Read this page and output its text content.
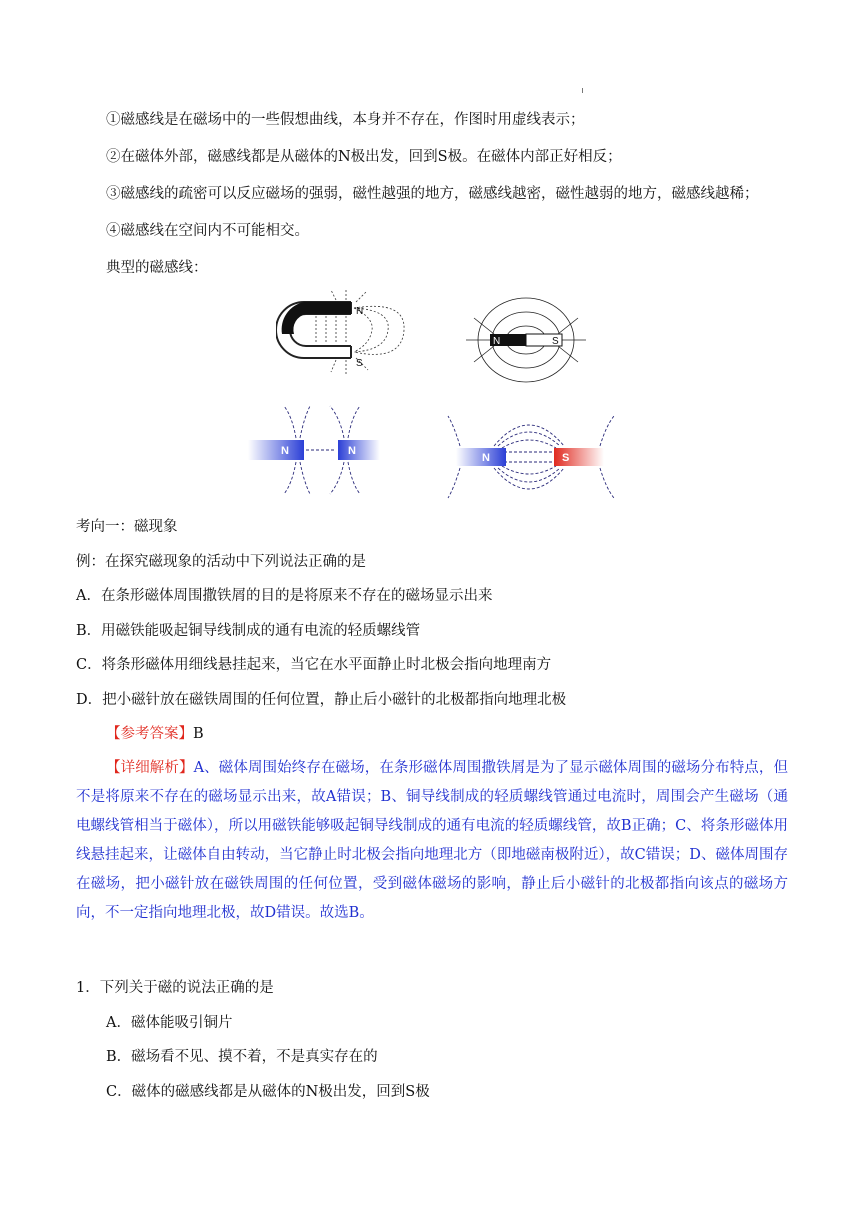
①磁感线是在磁场中的一些假想曲线，本身并不存在，作图时用虚线表示；
②在磁体外部，磁感线都是从磁体的N极出发，回到S极。在磁体内部正好相反；
③磁感线的疏密可以反应磁场的强弱，磁性越强的地方，磁感线越密，磁性越弱的地方，磁感线越稀；
④磁感线在空间内不可能相交。
典型的磁感线：
N
S
N	S
N	N
N	S
考向一：磁现象
例：在探究磁现象的活动中下列说法正确的是
A．在条形磁体周围撒铁屑的目的是将原来不存在的磁场显示出来
B．用磁铁能吸起铜导线制成的通有电流的轻质螺线管
C．将条形磁体用细线悬挂起来，当它在水平面静止时北极会指向地理南方
D．把小磁针放在磁铁周围的任何位置，静止后小磁针的北极都指向地理北极
【参考答案】B
【详细解析】A、磁体周围始终存在磁场，在条形磁体周围撒铁屑是为了显示磁体周围的磁场分布特点，但不是将原来不存在的磁场显示出来，故A错误；B、铜导线制成的轻质螺线管通过电流时，周围会产生磁场（通电螺线管相当于磁体），所以用磁铁能够吸起铜导线制成的通有电流的轻质螺线管，故B正确；C、将条形磁体用线悬挂起来，让磁体自由转动，当它静止时北极会指向地理北方（即地磁南极附近），故C错误；D、磁体周围存在磁场，把小磁针放在磁铁周围的任何位置，受到磁体磁场的影响，静止后小磁针的北极都指向该点的磁场方向，不一定指向地理北极，故D错误。故选B。
1．下列关于磁的说法正确的是
A．磁体能吸引铜片
B．磁场看不见、摸不着，不是真实存在的
C．磁体的磁感线都是从磁体的N极出发，回到S极
